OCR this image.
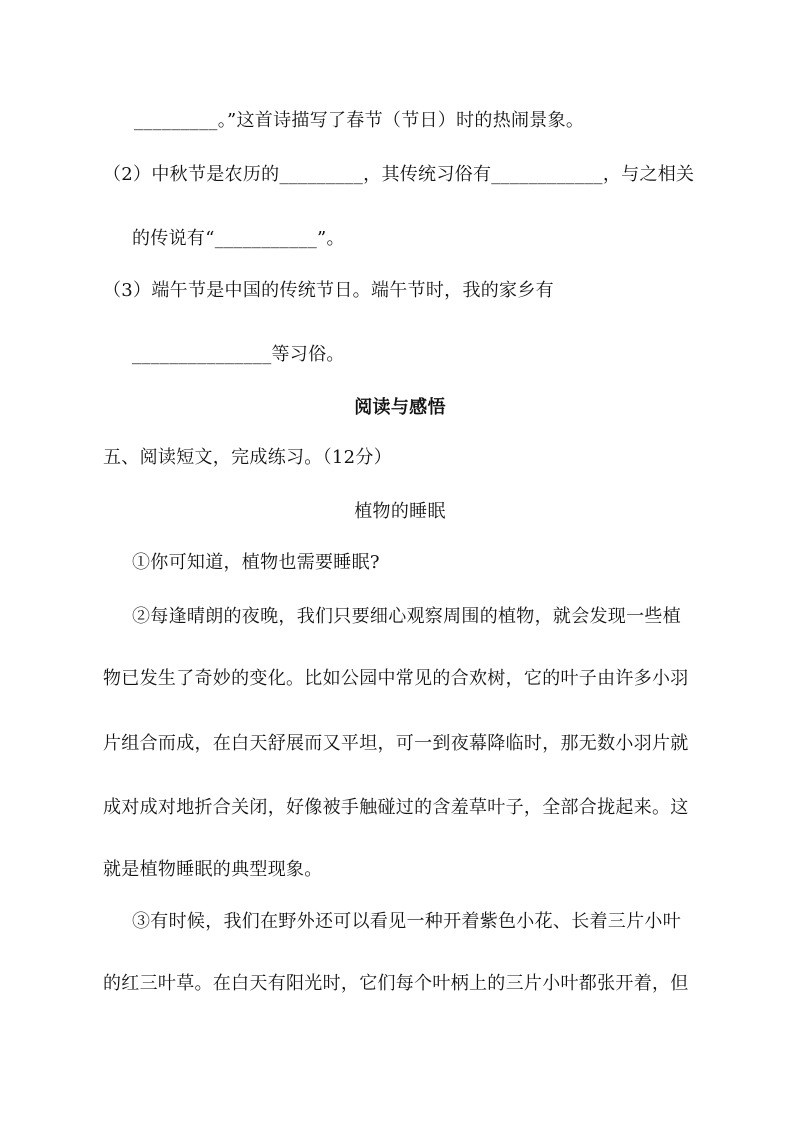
_________。”这首诗描写了春节（节日）时的热闹景象。
（2）中秋节是农历的_________，其传统习俗有____________，与之相关
的传说有“___________”。
（3）端午节是中国的传统节日。端午节时，我的家乡有
_______________等习俗。
阅读与感悟
五、阅读短文，完成练习。（12分）
植物的睡眠
①你可知道，植物也需要睡眠?
②每逢晴朗的夜晚，我们只要细心观察周围的植物，就会发现一些植
物已发生了奇妙的变化。比如公园中常见的合欢树，它的叶子由许多小羽
片组合而成，在白天舒展而又平坦，可一到夜幕降临时，那无数小羽片就
成对成对地折合关闭，好像被手触碰过的含羞草叶子，全部合拢起来。这
就是植物睡眠的典型现象。
③有时候，我们在野外还可以看见一种开着紫色小花、长着三片小叶
的红三叶草。在白天有阳光时，它们每个叶柄上的三片小叶都张开着，但
